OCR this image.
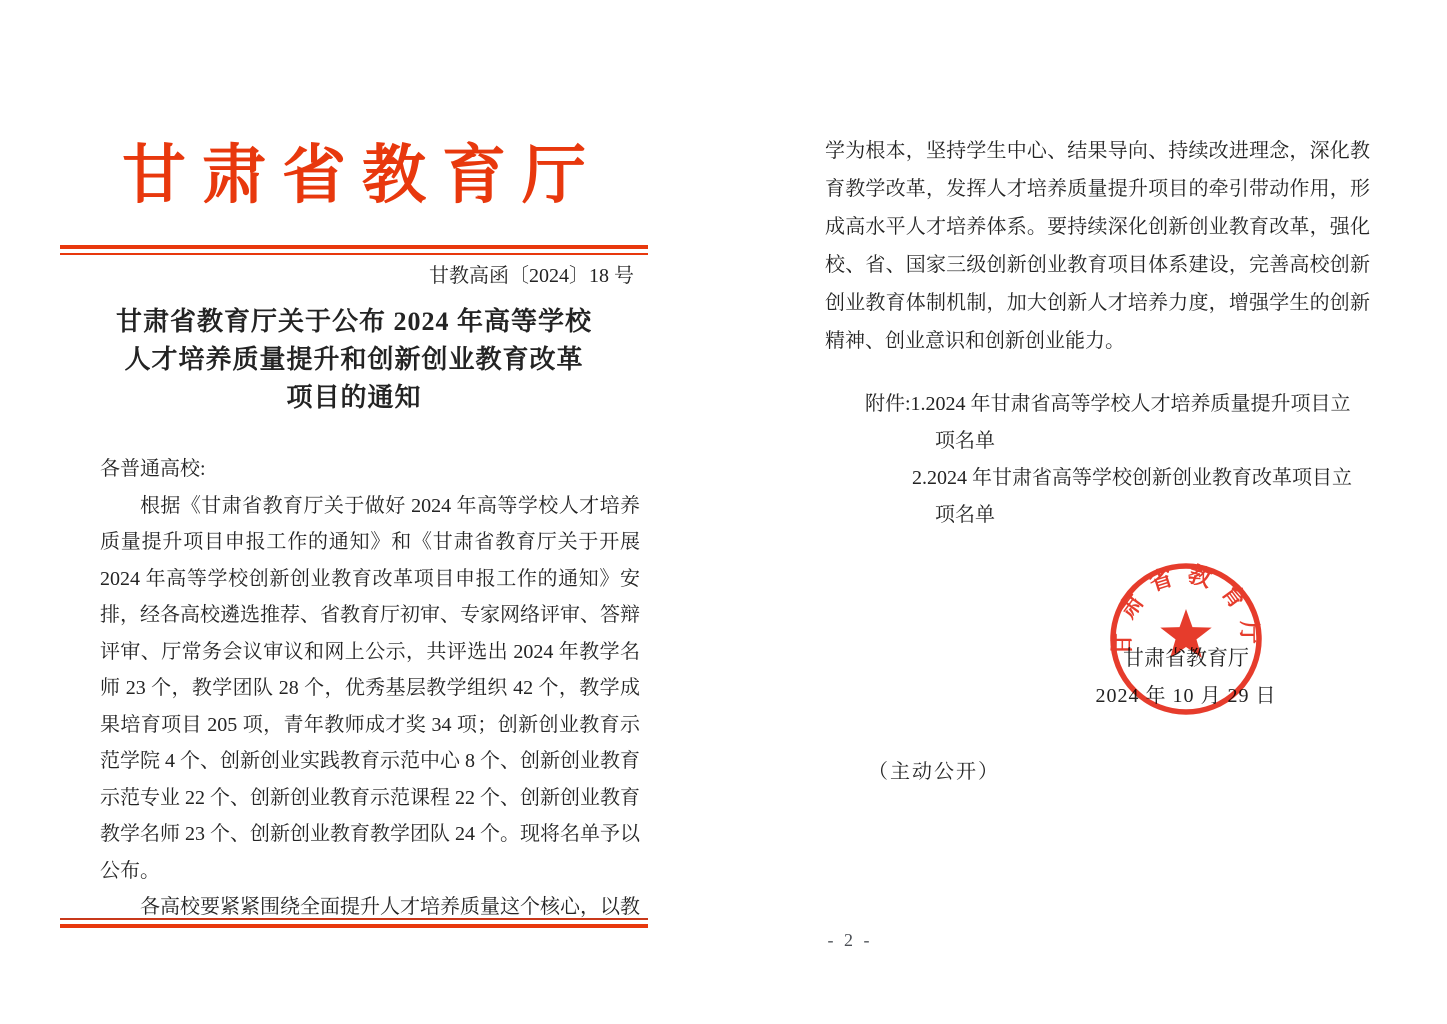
甘肃省教育厅
甘教高函〔2024〕18 号
甘肃省教育厅关于公布 2024 年高等学校
人才培养质量提升和创新创业教育改革
项目的通知
各普通高校:
根据《甘肃省教育厅关于做好 2024 年高等学校人才培养
质量提升项目申报工作的通知》和《甘肃省教育厅关于开展
2024 年高等学校创新创业教育改革项目申报工作的通知》安
排，经各高校遴选推荐、省教育厅初审、专家网络评审、答辩
评审、厅常务会议审议和网上公示，共评选出 2024 年教学名
师 23 个，教学团队 28 个，优秀基层教学组织 42 个，教学成
果培育项目 205 项，青年教师成才奖 34 项；创新创业教育示
范学院 4 个、创新创业实践教育示范中心 8 个、创新创业教育
示范专业 22 个、创新创业教育示范课程 22 个、创新创业教育
教学名师 23 个、创新创业教育教学团队 24 个。现将名单予以
公布。
各高校要紧紧围绕全面提升人才培养质量这个核心，以教
学为根本，坚持学生中心、结果导向、持续改进理念，深化教
育教学改革，发挥人才培养质量提升项目的牵引带动作用，形
成高水平人才培养体系。要持续深化创新创业教育改革，强化
校、省、国家三级创新创业教育项目体系建设，完善高校创新
创业教育体制机制，加大创新人才培养力度，增强学生的创新
精神、创业意识和创新创业能力。
附件:1.2024 年甘肃省高等学校人才培养质量提升项目立
项名单
2.2024 年甘肃省高等学校创新创业教育改革项目立
项名单
甘肃省教育厅
2024 年 10 月 29 日
甘肃省教育厅
（主动公开）
- 2 -
